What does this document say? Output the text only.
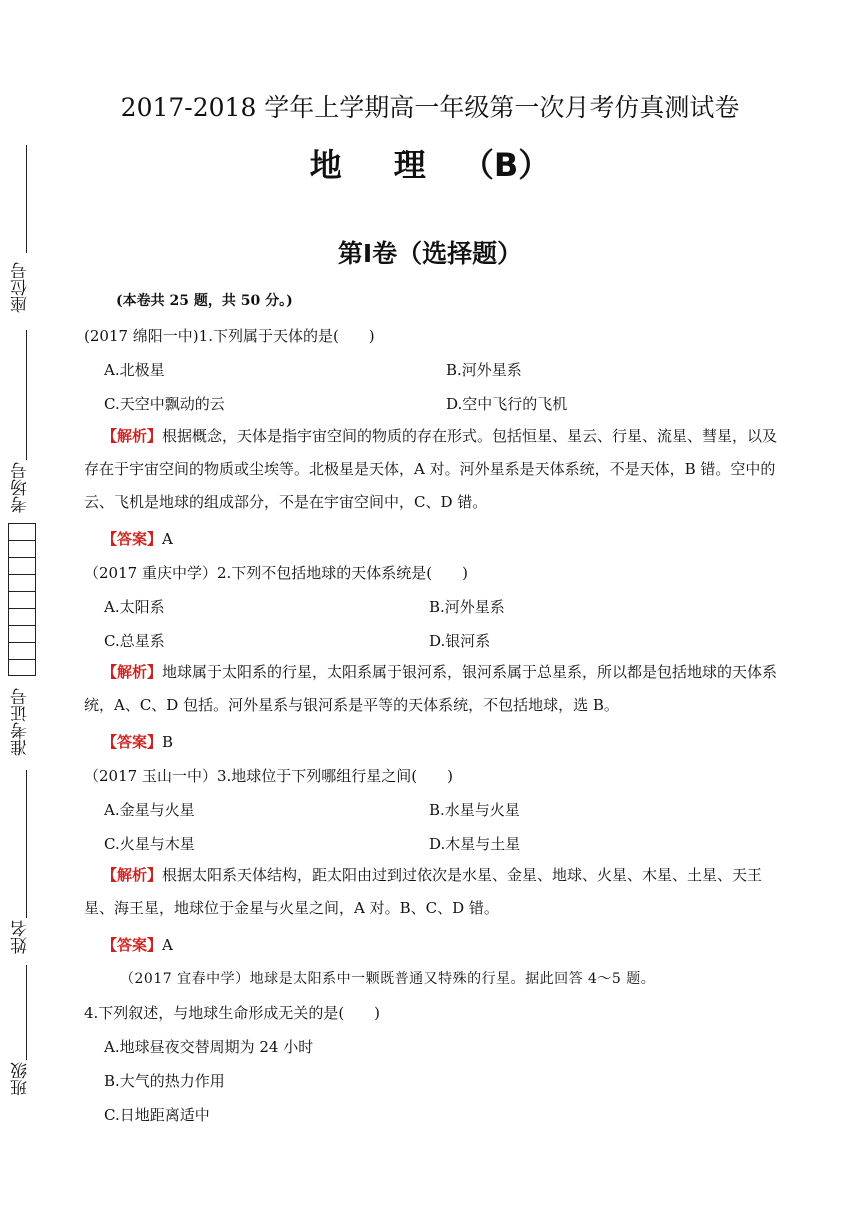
座位号
考场号
准考证号
姓名
班级
2017-2018 学年上学期高一年级第一次月考仿真测试卷
地 理 （B）
第Ⅰ卷（选择题）
(本卷共 25 题，共 50 分。)
(2017 绵阳一中)1.下列属于天体的是(　　)
A.北极星	B.河外星系
C.天空中飘动的云	D.空中飞行的飞机
【解析】根据概念，天体是指宇宙空间的物质的存在形式。包括恒星、星云、行星、流星、彗星，以及存在于宇宙空间的物质或尘埃等。北极星是天体，A 对。河外星系是天体系统，不是天体，B 错。空中的云、飞机是地球的组成部分，不是在宇宙空间中，C、D 错。
【答案】A
（2017 重庆中学）2.下列不包括地球的天体系统是(　　)
A.太阳系	B.河外星系
C.总星系	D.银河系
【解析】地球属于太阳系的行星，太阳系属于银河系，银河系属于总星系，所以都是包括地球的天体系统，A、C、D 包括。河外星系与银河系是平等的天体系统，不包括地球，选 B。
【答案】B
（2017 玉山一中）3.地球位于下列哪组行星之间(　　)
A.金星与火星	B.水星与火星
C.火星与木星	D.木星与土星
【解析】根据太阳系天体结构，距太阳由过到过依次是水星、金星、地球、火星、木星、土星、天王星、海王星，地球位于金星与火星之间，A 对。B、C、D 错。
【答案】A
（2017 宜春中学）地球是太阳系中一颗既普通又特殊的行星。据此回答 4～5 题。
4.下列叙述，与地球生命形成无关的是(　　)
A.地球昼夜交替周期为 24 小时
B.大气的热力作用
C.日地距离适中
